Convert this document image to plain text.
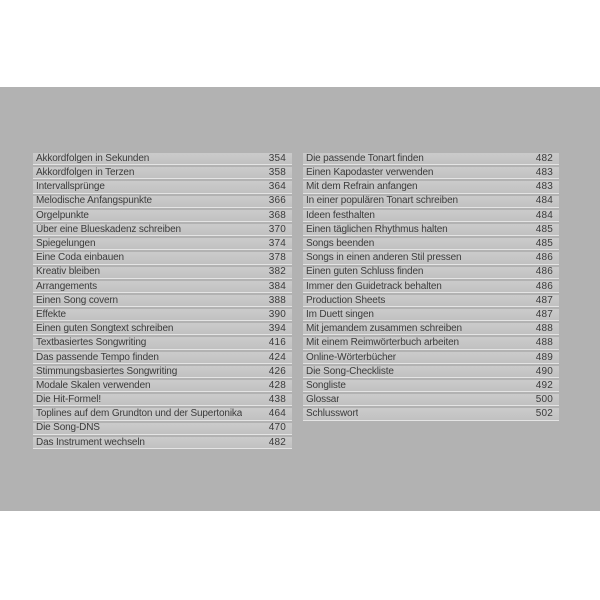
Akkordfolgen in Sekunden	354
Akkordfolgen in Terzen	358
Intervallsprünge	364
Melodische Anfangspunkte	366
Orgelpunkte	368
Über eine Blueskadenz schreiben	370
Spiegelungen	374
Eine Coda einbauen	378
Kreativ bleiben	382
Arrangements	384
Einen Song covern	388
Effekte	390
Einen guten Songtext schreiben	394
Textbasiertes Songwriting	416
Das passende Tempo finden	424
Stimmungsbasiertes Songwriting	426
Modale Skalen verwenden	428
Die Hit-Formel!	438
Toplines auf dem Grundton und der Supertonika	464
Die Song-DNS	470
Das Instrument wechseln	482
Die passende Tonart finden	482
Einen Kapodaster verwenden	483
Mit dem Refrain anfangen	483
In einer populären Tonart schreiben	484
Ideen festhalten	484
Einen täglichen Rhythmus halten	485
Songs beenden	485
Songs in einen anderen Stil pressen	486
Einen guten Schluss finden	486
Immer den Guidetrack behalten	486
Production Sheets	487
Im Duett singen	487
Mit jemandem zusammen schreiben	488
Mit einem Reimwörterbuch arbeiten	488
Online-Wörterbücher	489
Die Song-Checkliste	490
Songliste	492
Glossar	500
Schlusswort	502
